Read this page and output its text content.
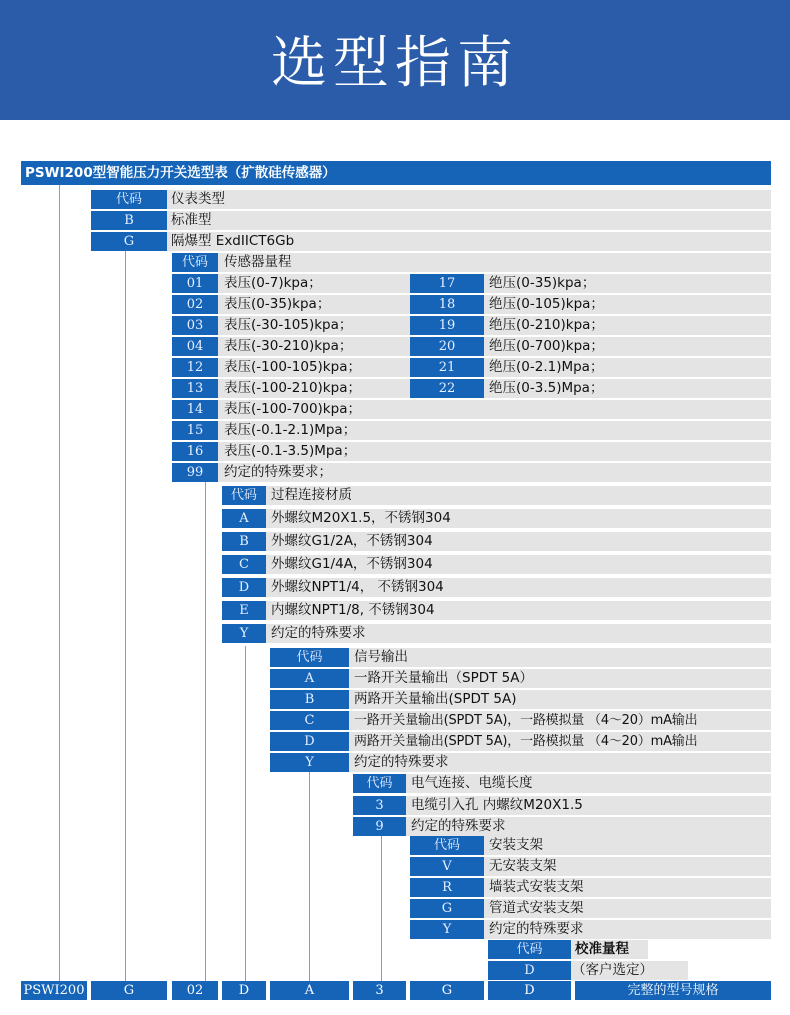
选型指南
PSWI200型智能压力开关选型表（扩散硅传感器）
代码	仪表类型
B	标准型
G	隔爆型 ExdIICT6Gb
代码	传感器量程
01	表压(0-7)kpa；	17	绝压(0-35)kpa；
02	表压(0-35)kpa；	18	绝压(0-105)kpa；
03	表压(-30-105)kpa；	19	绝压(0-210)kpa；
04	表压(-30-210)kpa；	20	绝压(0-700)kpa；
12	表压(-100-105)kpa；	21	绝压(0-2.1)Mpa；
13	表压(-100-210)kpa；	22	绝压(0-3.5)Mpa；
14	表压(-100-700)kpa；
15	表压(-0.1-2.1)Mpa；
16	表压(-0.1-3.5)Mpa；
99	约定的特殊要求；
代码	过程连接材质
A	外螺纹M20X1.5，不锈钢304
B	外螺纹G1/2A，不锈钢304
C	外螺纹G1/4A，不锈钢304
D	外螺纹NPT1/4， 不锈钢304
E	内螺纹NPT1/8, 不锈钢304
Y	约定的特殊要求
代码	信号输出
A	一路开关量输出（SPDT 5A）
B	两路开关量输出(SPDT 5A)
C	一路开关量输出(SPDT 5A)，一路模拟量 （4～20）mA输出
D	两路开关量输出(SPDT 5A)，一路模拟量 （4～20）mA输出
Y	约定的特殊要求
代码	电气连接、电缆长度
3	电缆引入孔 内螺纹M20X1.5
9	约定的特殊要求
代码	安装支架
V	无安装支架
R	墙装式安装支架
G	管道式安装支架
Y	约定的特殊要求
代码	校准量程
D	（客户选定）
PSWI200	G	02	D	A	3	G	D	完整的型号规格
